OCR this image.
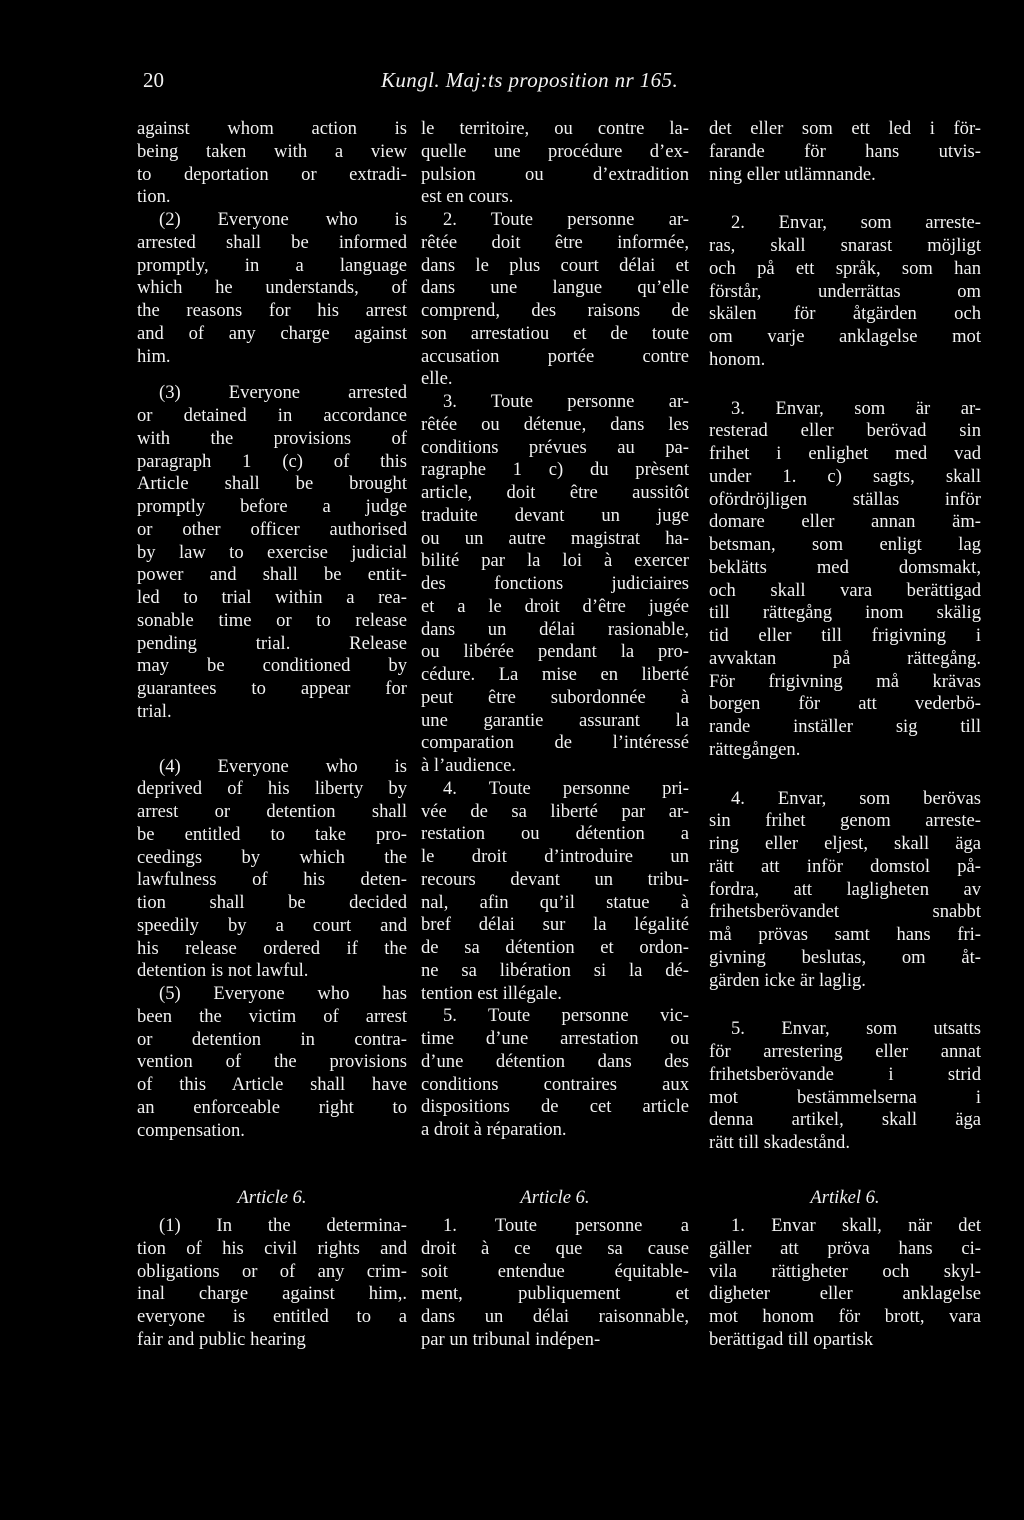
20	Kungl. Maj:ts proposition nr 165.
against whom action is
being taken with a view
to deportation or extradi-
tion.
(2) Everyone who is
arrested shall be informed
promptly, in a language
which he understands, of
the reasons for his arrest
and of any charge against
him.
(3) Everyone arrested
or detained in accordance
with the provisions of
paragraph 1 (c) of this
Article shall be brought
promptly before a judge
or other officer authorised
by law to exercise judicial
power and shall be entit-
led to trial within a rea-
sonable time or to release
pending trial. Release
may be conditioned by
guarantees to appear for
trial.
(4) Everyone who is
deprived of his liberty by
arrest or detention shall
be entitled to take pro-
ceedings by which the
lawfulness of his deten-
tion shall be decided
speedily by a court and
his release ordered if the
detention is not lawful.
(5) Everyone who has
been the victim of arrest
or detention in contra-
vention of the provisions
of this Article shall have
an enforceable right to
compensation.
le territoire, ou contre la-
quelle une procédure d’ex-
pulsion ou d’extradition
est en cours.
2. Toute personne ar-
rêtée doit être informée,
dans le plus court délai et
dans une langue qu’elle
comprend, des raisons de
son arrestatiou et de toute
accusation portée contre
elle.
3. Toute personne ar-
rêtée ou détenue, dans les
conditions prévues au pa-
ragraphe 1 c) du prèsent
article, doit être aussitôt
traduite devant un juge
ou un autre magistrat ha-
bilité par la loi à exercer
des fonctions judiciaires
et a le droit d’être jugée
dans un délai rasionable,
ou libérée pendant la pro-
cédure. La mise en liberté
peut être subordonnée à
une garantie assurant la
comparation de l’intéressé
à l’audience.
4. Toute personne pri-
vée de sa liberté par ar-
restation ou détention a
le droit d’introduire un
recours devant un tribu-
nal, afin qu’il statue à
bref délai sur la légalité
de sa détention et ordon-
ne sa libération si la dé-
tention est illégale.
5. Toute personne vic-
time d’une arrestation ou
d’une détention dans des
conditions contraires aux
dispositions de cet article
a droit à réparation.
det eller som ett led i för-
farande för hans utvis-
ning eller utlämnande.
2. Envar, som arreste-
ras, skall snarast möjligt
och på ett språk, som han
förstår, underrättas om
skälen för åtgärden och
om varje anklagelse mot
honom.
3. Envar, som är ar-
resterad eller berövad sin
frihet i enlighet med vad
under 1. c) sagts, skall
ofördröjligen ställas inför
domare eller annan äm-
betsman, som enligt lag
beklätts med domsmakt,
och skall vara berättigad
till rättegång inom skälig
tid eller till frigivning i
avvaktan på rättegång.
För frigivning må krävas
borgen för att vederbö-
rande inställer sig till
rättegången.
4. Envar, som berövas
sin frihet genom arreste-
ring eller eljest, skall äga
rätt att inför domstol på-
fordra, att lagligheten av
frihetsberövandet snabbt
må prövas samt hans fri-
givning beslutas, om åt-
gärden icke är laglig.
5. Envar, som utsatts
för arrestering eller annat
frihetsberövande i strid
mot bestämmelserna i
denna artikel, skall äga
rätt till skadestånd.
Article 6.
(1) In the determina-
tion of his civil rights and
obligations or of any crim-
inal charge against him,.
everyone is entitled to a
fair and public hearing
Article 6.
1. Toute personne a
droit à ce que sa cause
soit entendue équitable-
ment, publiquement et
dans un délai raisonnable,
par un tribunal indépen-
Artikel 6.
1. Envar skall, när det
gäller att pröva hans ci-
vila rättigheter och skyl-
digheter eller anklagelse
mot honom för brott, vara
berättigad till opartisk
